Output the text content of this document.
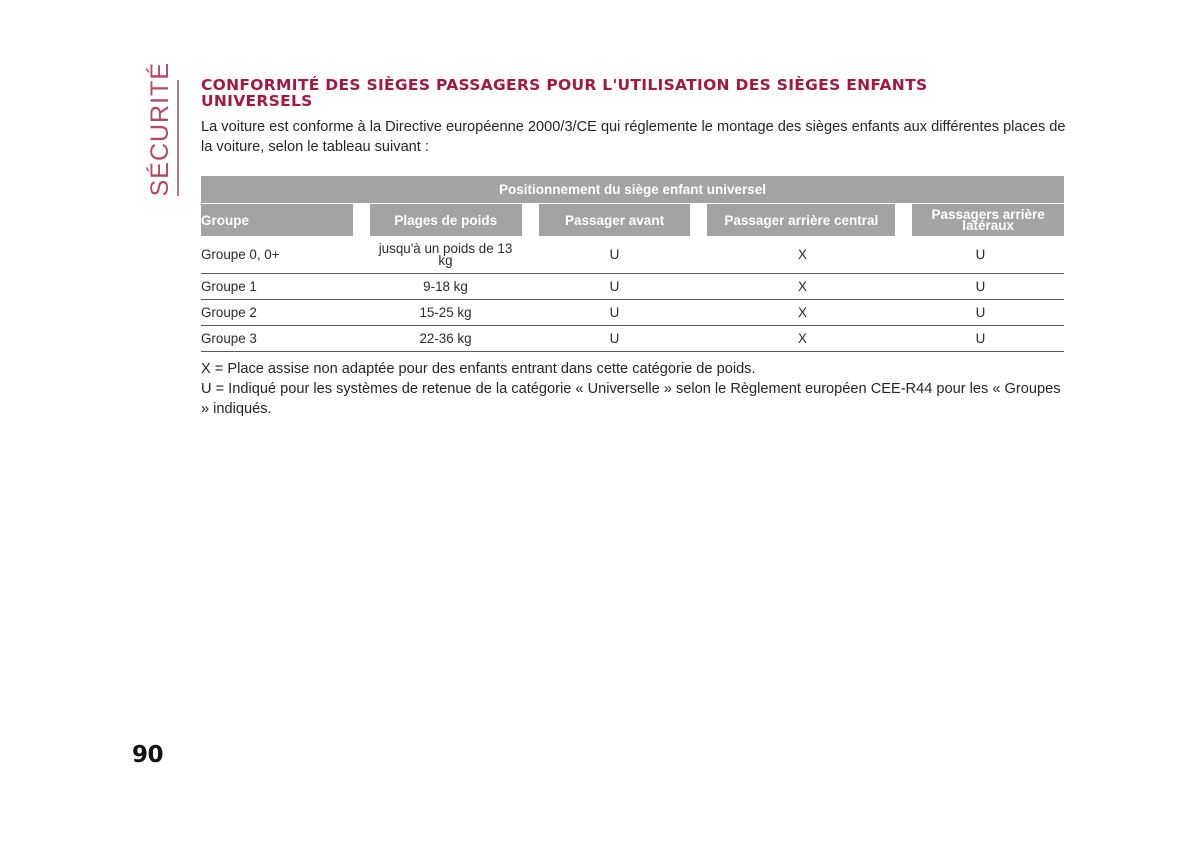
SÉCURITÉ CONFORMITÉ DES SIÈGES PASSAGERS POUR L'UTILISATION DES SIÈGES ENFANTS UNIVERSELS
La voiture est conforme à la Directive européenne 2000/3/CE qui réglemente le montage des sièges enfants aux différentes places de la voiture, selon le tableau suivant :
Positionnement du siège enfant universel
Groupe	Plages de poids	Passager avant	Passager arrière central	Passagers arrière latéraux
Groupe 0, 0+	jusqu'à un poids de 13 kg	U	X	U
Groupe 1	9-18 kg	U	X	U
Groupe 2	15-25 kg	U	X	U
Groupe 3	22-36 kg	U	X	U

X = Place assise non adaptée pour des enfants entrant dans cette catégorie de poids.

U = Indiqué pour les systèmes de retenue de la catégorie « Universelle » selon le Règlement européen CEE-R44 pour les « Groupes » indiqués.

90
